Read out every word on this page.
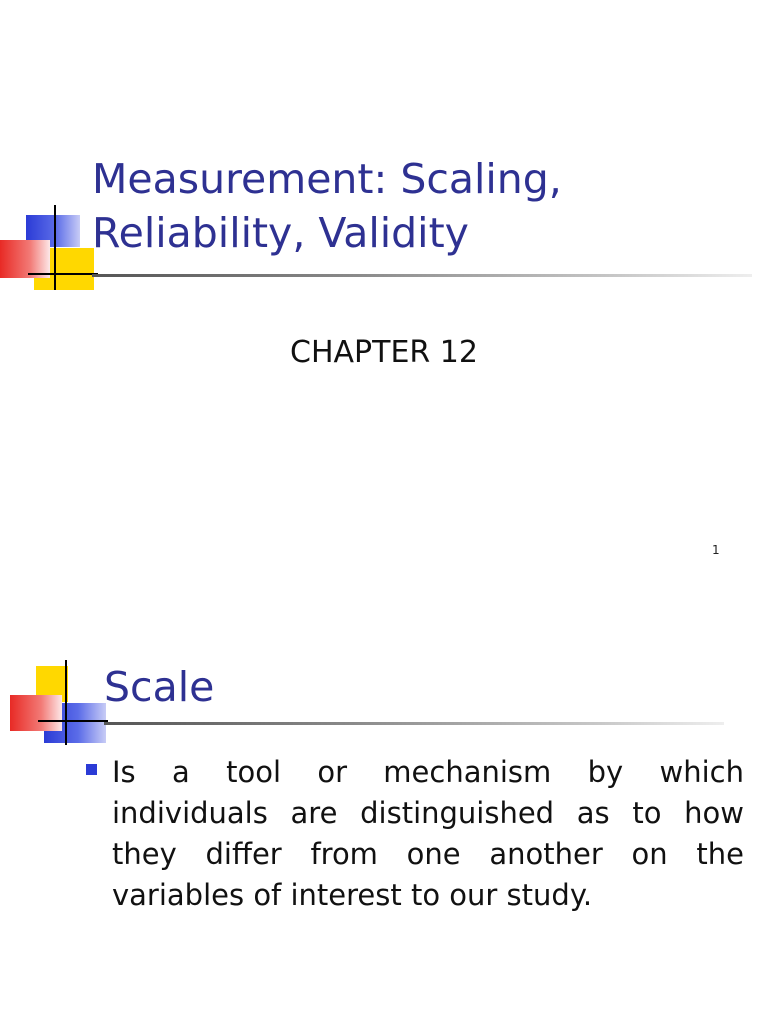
Measurement: Scaling, Reliability, Validity
CHAPTER 12
1
Scale
Is a tool or mechanism by which individuals are distinguished as to how they differ from one another on the variables of interest to our study.
